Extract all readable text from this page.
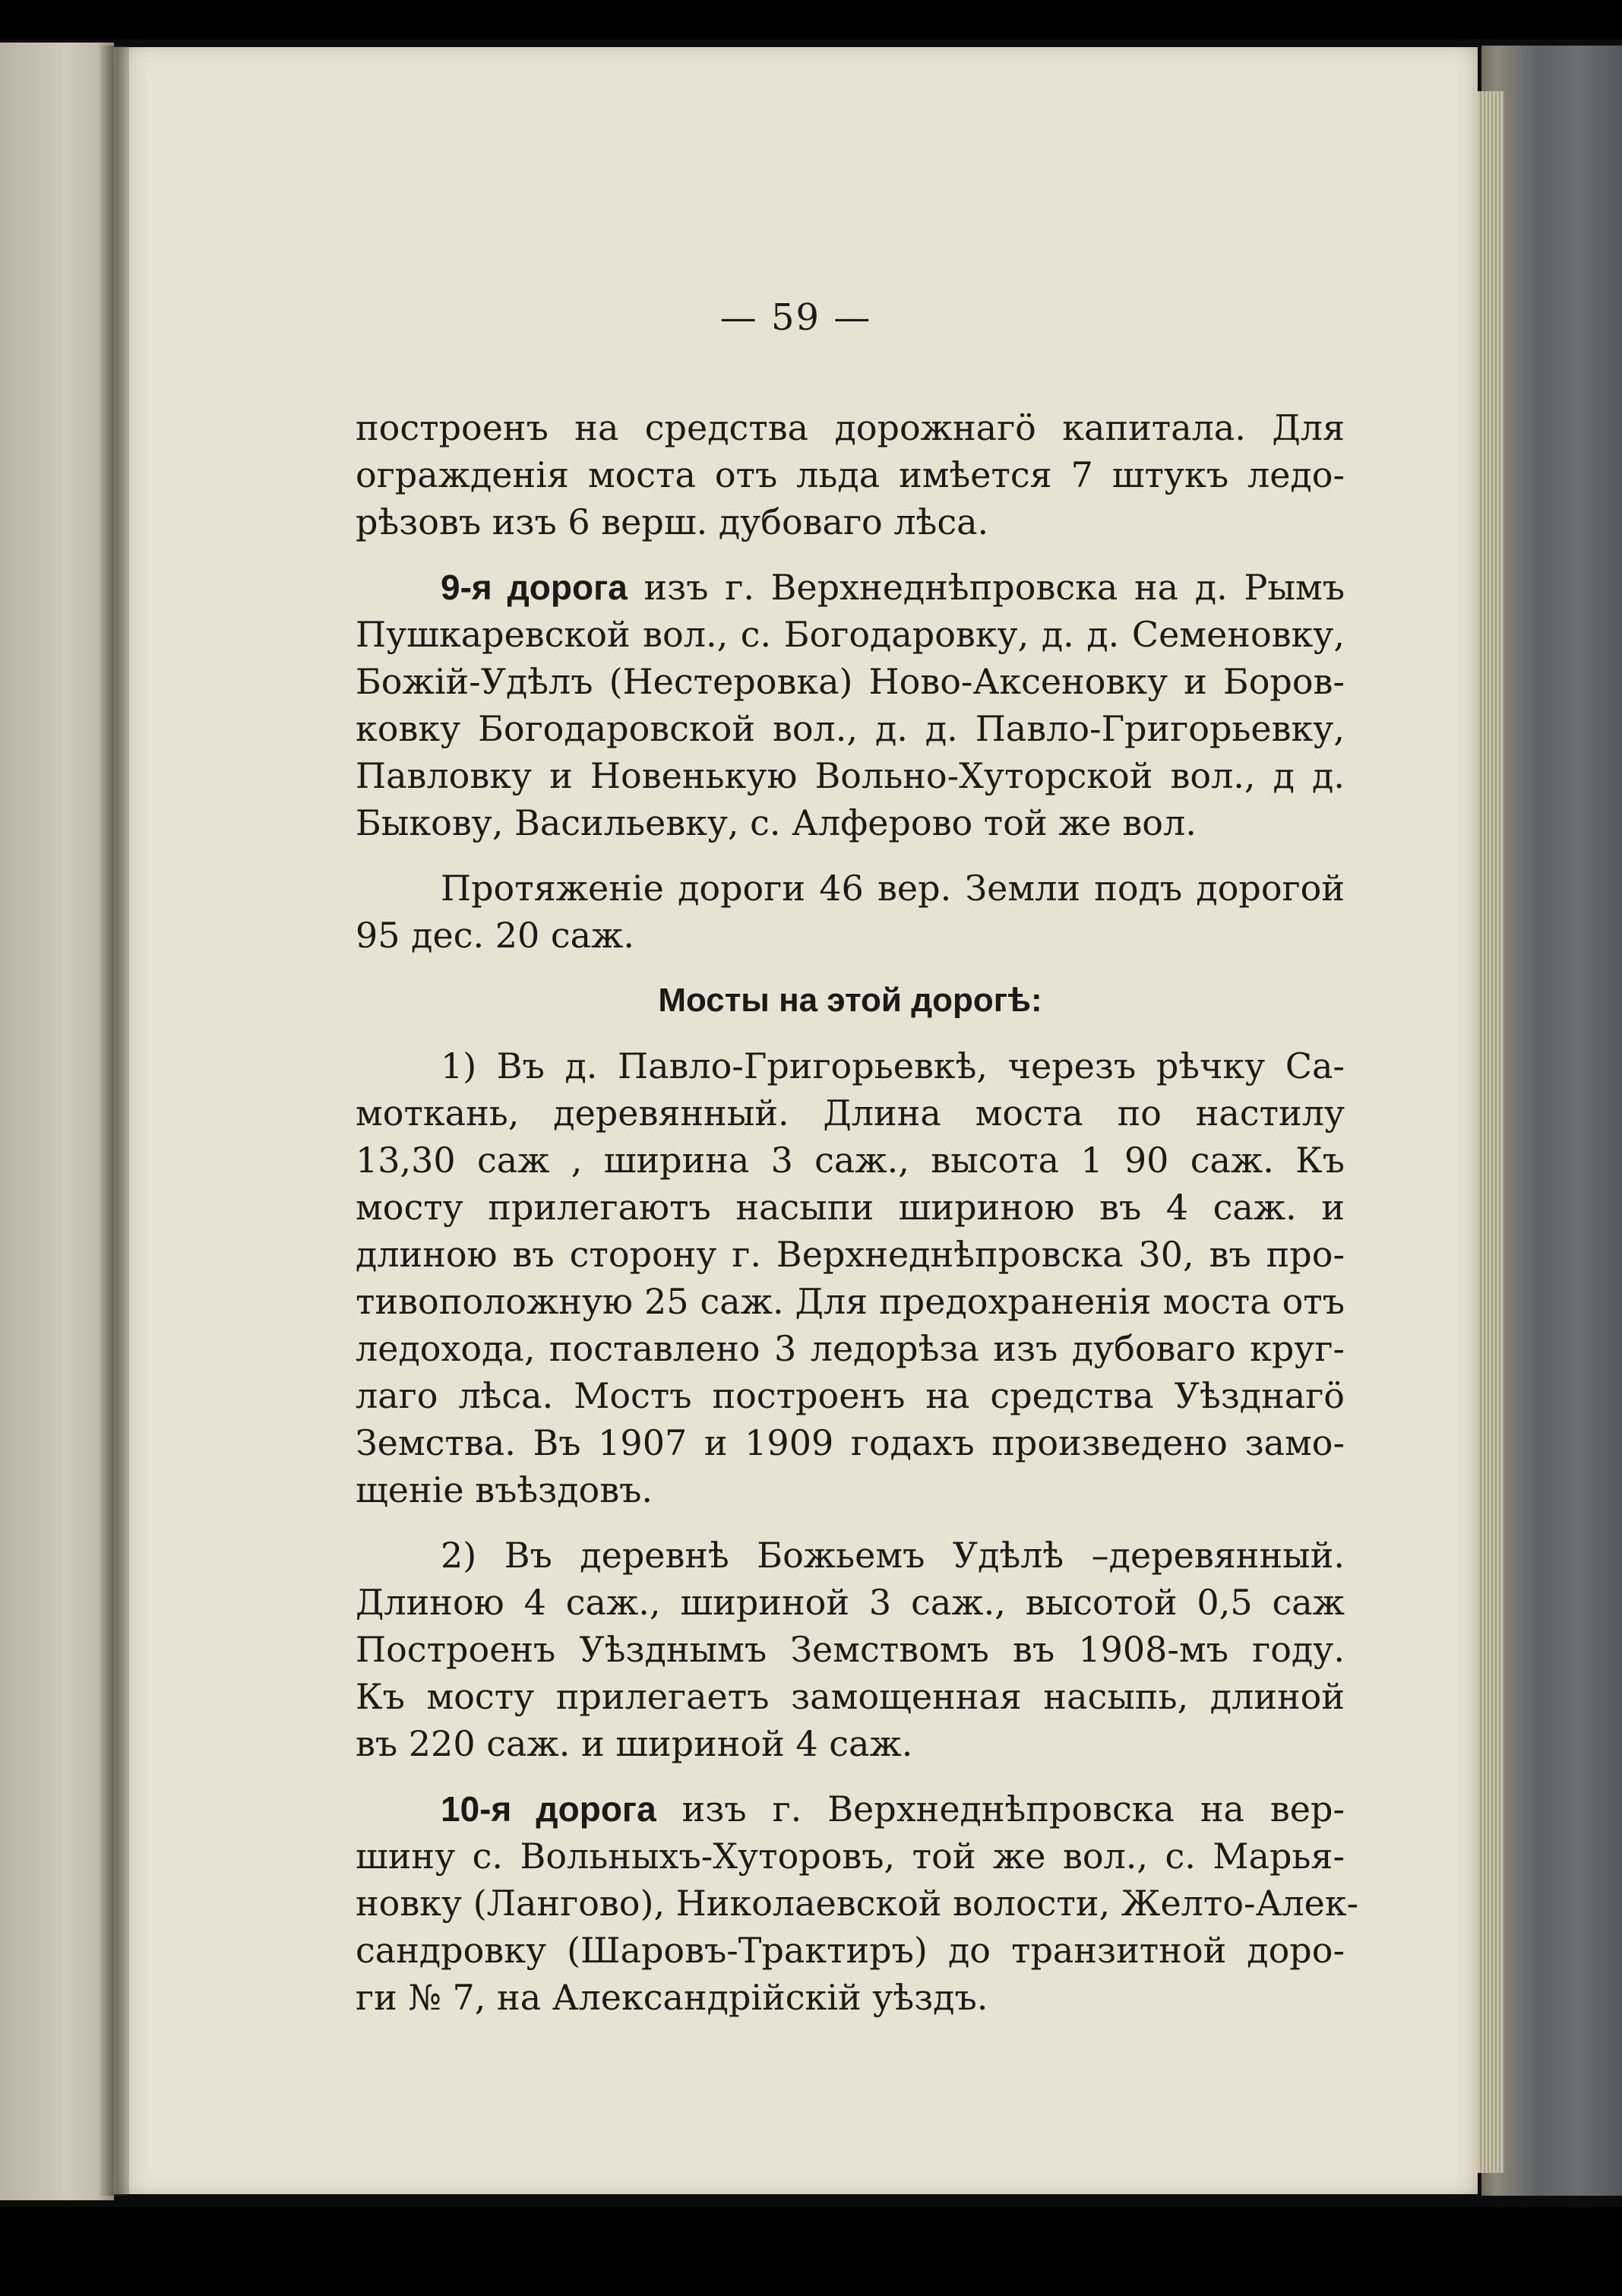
— 59 —
построенъ на средства дорожнагӧ капитала. Для
огражденія моста отъ льда имѣется 7 штукъ ледо-
рѣзовъ изъ 6 верш. дубоваго лѣса.
9-я дорога изъ г. Верхнеднѣпровска на д. Рымъ
Пушкаревской вол., с. Богодаровку, д. д. Семеновку,
Божій-Удѣлъ (Нестеровка) Ново-Аксеновку и Боров-
ковку Богодаровской вол., д. д. Павло-Григорьевку,
Павловку и Новенькую Вольно-Хуторской вол., д д.
Быкову, Васильевку, с. Алферово той же вол.
Протяженіе дороги 46 вер. Земли подъ дорогой
95 дес. 20 саж.
Мосты на этой дорогѣ:
1) Въ д. Павло-Григорьевкѣ, черезъ рѣчку Са-
моткань, деревянный. Длина моста по настилу
13,30 саж , ширина 3 саж., высота 1 90 саж. Къ
мосту прилегаютъ насыпи шириною въ 4 саж. и
длиною въ сторону г. Верхнеднѣпровска 30, въ про-
тивоположную 25 саж. Для предохраненія моста отъ
ледохода, поставлено 3 ледорѣза изъ дубоваго круг-
лаго лѣса. Мостъ построенъ на средства Уѣзднагӧ
Земства. Въ 1907 и 1909 годахъ произведено замо-
щеніе въѣздовъ.
2) Въ деревнѣ Божьемъ Удѣлѣ –деревянный.
Длиною 4 саж., шириной 3 саж., высотой 0,5 саж
Построенъ Уѣзднымъ Земствомъ въ 1908-мъ году.
Къ мосту прилегаетъ замощенная насыпь, длиной
въ 220 саж. и шириной 4 саж.
10-я дорога изъ г. Верхнеднѣпровска на вер-
шину с. Вольныхъ-Хуторовъ, той же вол., с. Марья-
новку (Лангово), Николаевской волости, Желто-Алек-
сандровку (Шаровъ-Трактиръ) до транзитной доро-
ги № 7, на Александрійскій уѣздъ.
